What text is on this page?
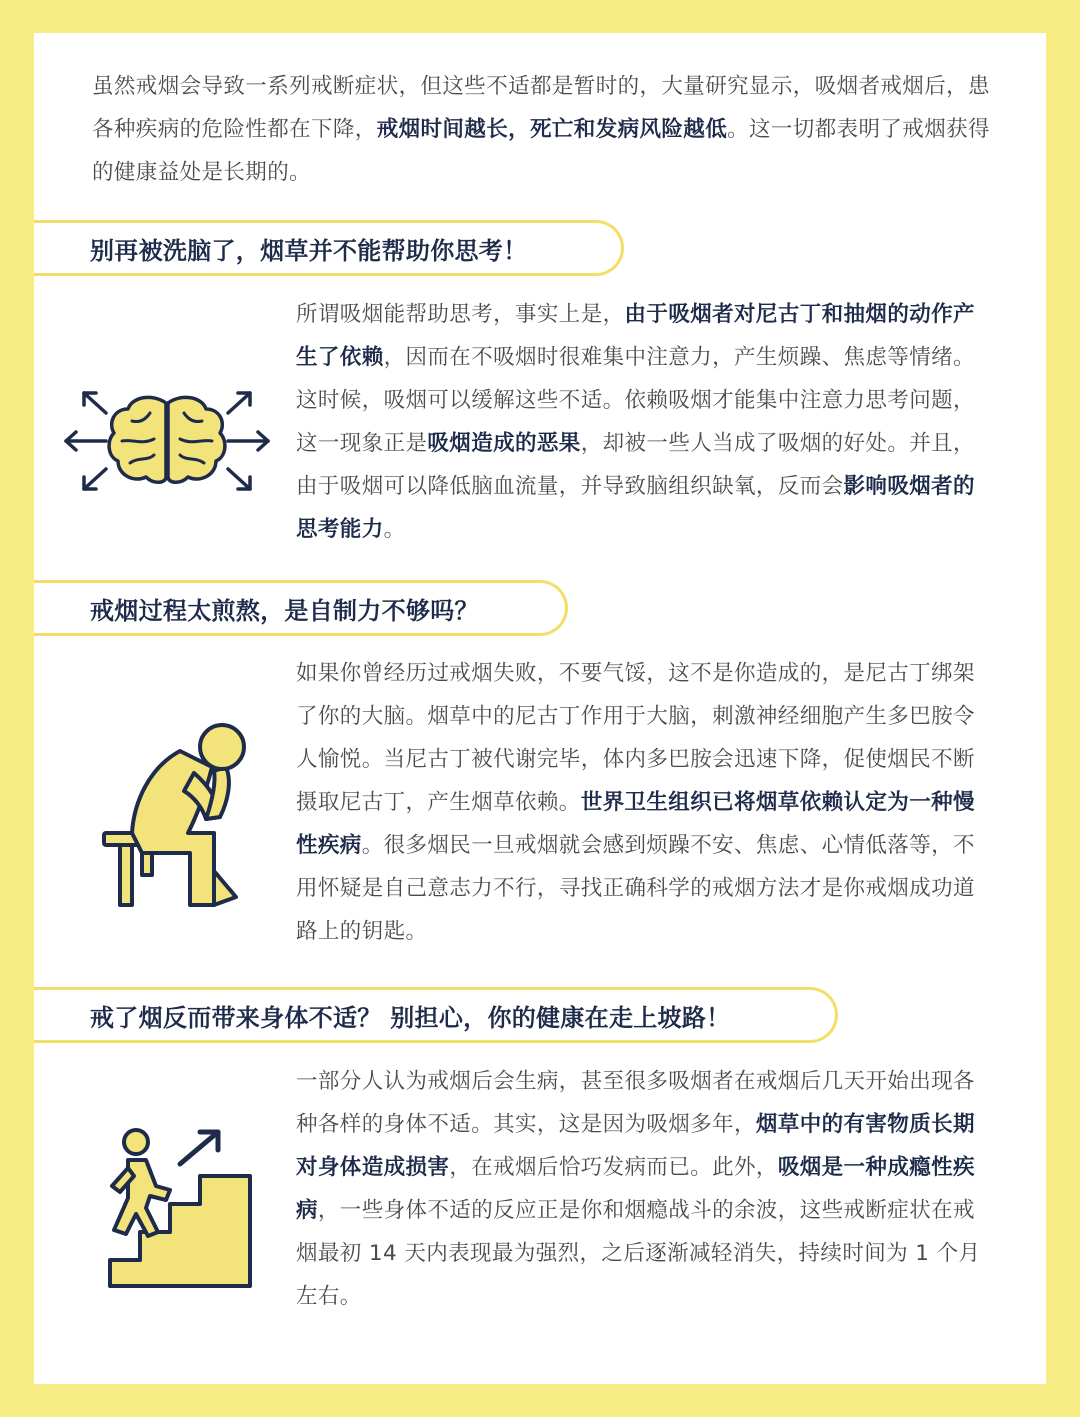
虽然戒烟会导致一系列戒断症状，但这些不适都是暂时的，大量研究显示，吸烟者戒烟后，患各种疾病的危险性都在下降，戒烟时间越长，死亡和发病风险越低。这一切都表明了戒烟获得的健康益处是长期的。

别再被洗脑了，烟草并不能帮助你思考！

所谓吸烟能帮助思考，事实上是，由于吸烟者对尼古丁和抽烟的动作产生了依赖，因而在不吸烟时很难集中注意力，产生烦躁、焦虑等情绪。这时候，吸烟可以缓解这些不适。依赖吸烟才能集中注意力思考问题，这一现象正是吸烟造成的恶果，却被一些人当成了吸烟的好处。并且，由于吸烟可以降低脑血流量，并导致脑组织缺氧，反而会影响吸烟者的思考能力。

戒烟过程太煎熬，是自制力不够吗？

如果你曾经历过戒烟失败，不要气馁，这不是你造成的，是尼古丁绑架了你的大脑。烟草中的尼古丁作用于大脑，刺激神经细胞产生多巴胺令人愉悦。当尼古丁被代谢完毕，体内多巴胺会迅速下降，促使烟民不断摄取尼古丁，产生烟草依赖。世界卫生组织已将烟草依赖认定为一种慢性疾病。很多烟民一旦戒烟就会感到烦躁不安、焦虑、心情低落等，不用怀疑是自己意志力不行，寻找正确科学的戒烟方法才是你戒烟成功道路上的钥匙。

戒了烟反而带来身体不适？ 别担心，你的健康在走上坡路！

一部分人认为戒烟后会生病，甚至很多吸烟者在戒烟后几天开始出现各种各样的身体不适。其实，这是因为吸烟多年，烟草中的有害物质长期对身体造成损害，在戒烟后恰巧发病而已。此外，吸烟是一种成瘾性疾病，一些身体不适的反应正是你和烟瘾战斗的余波，这些戒断症状在戒烟最初 14 天内表现最为强烈，之后逐渐减轻消失，持续时间为 1 个月左右。
